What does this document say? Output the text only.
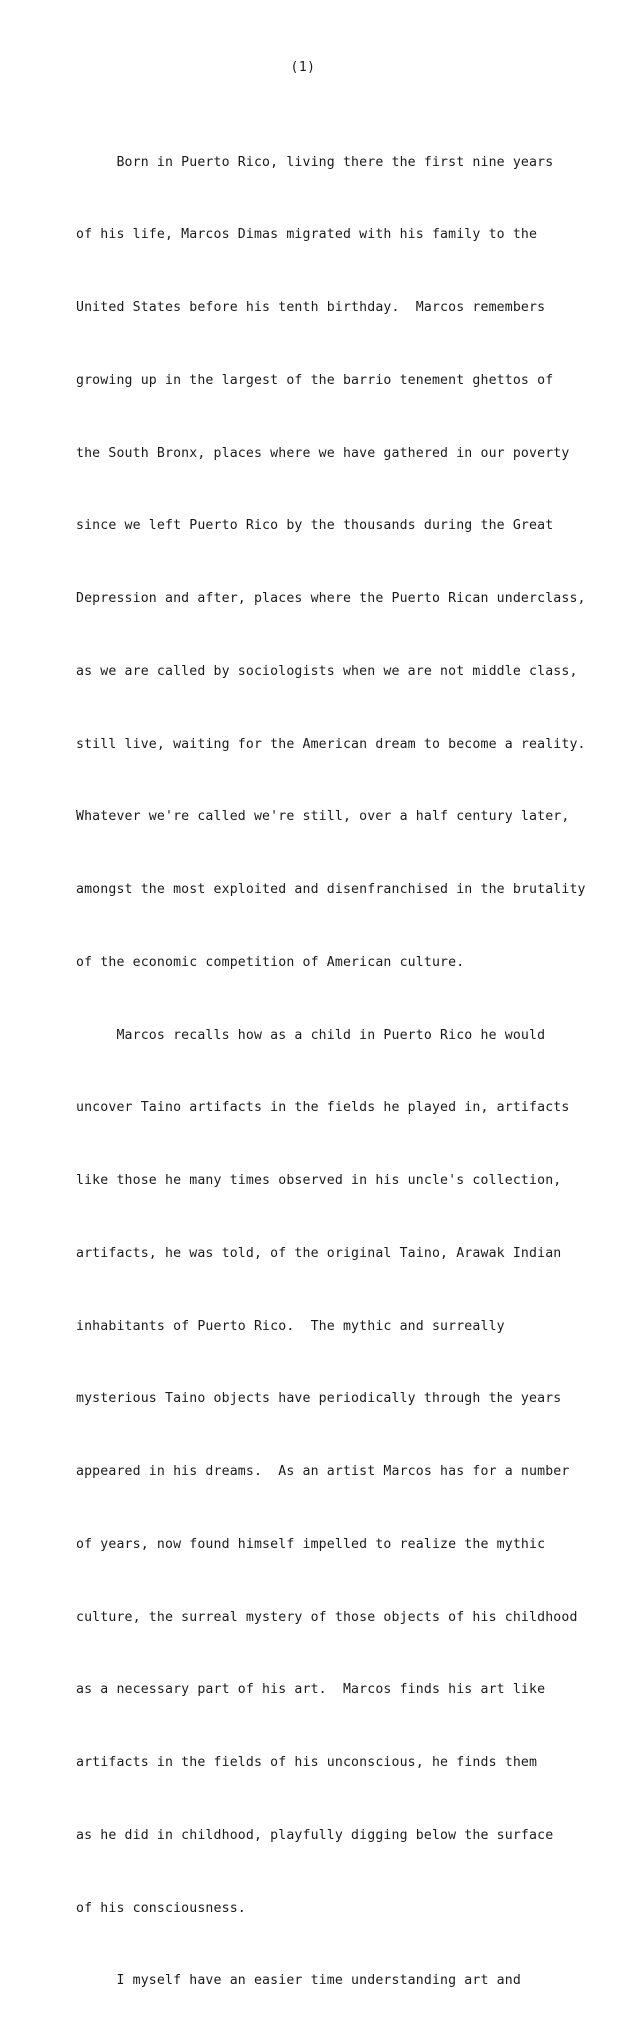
(1)

Born in Puerto Rico, living there the first nine years

of his life, Marcos Dimas migrated with his family to the

United States before his tenth birthday.  Marcos remembers

growing up in the largest of the barrio tenement ghettos of

the South Bronx, places where we have gathered in our poverty

since we left Puerto Rico by the thousands during the Great

Depression and after, places where the Puerto Rican underclass,

as we are called by sociologists when we are not middle class,

still live, waiting for the American dream to become a reality.

Whatever we're called we're still, over a half century later,

amongst the most exploited and disenfranchised in the brutality

of the economic competition of American culture.

Marcos recalls how as a child in Puerto Rico he would

uncover Taino artifacts in the fields he played in, artifacts

like those he many times observed in his uncle's collection,

artifacts, he was told, of the original Taino, Arawak Indian

inhabitants of Puerto Rico.  The mythic and surreally

mysterious Taino objects have periodically through the years

appeared in his dreams.  As an artist Marcos has for a number

of years, now found himself impelled to realize the mythic

culture, the surreal mystery of those objects of his childhood

as a necessary part of his art.  Marcos finds his art like

artifacts in the fields of his unconscious, he finds them

as he did in childhood, playfully digging below the surface

of his consciousness.

I myself have an easier time understanding art and
